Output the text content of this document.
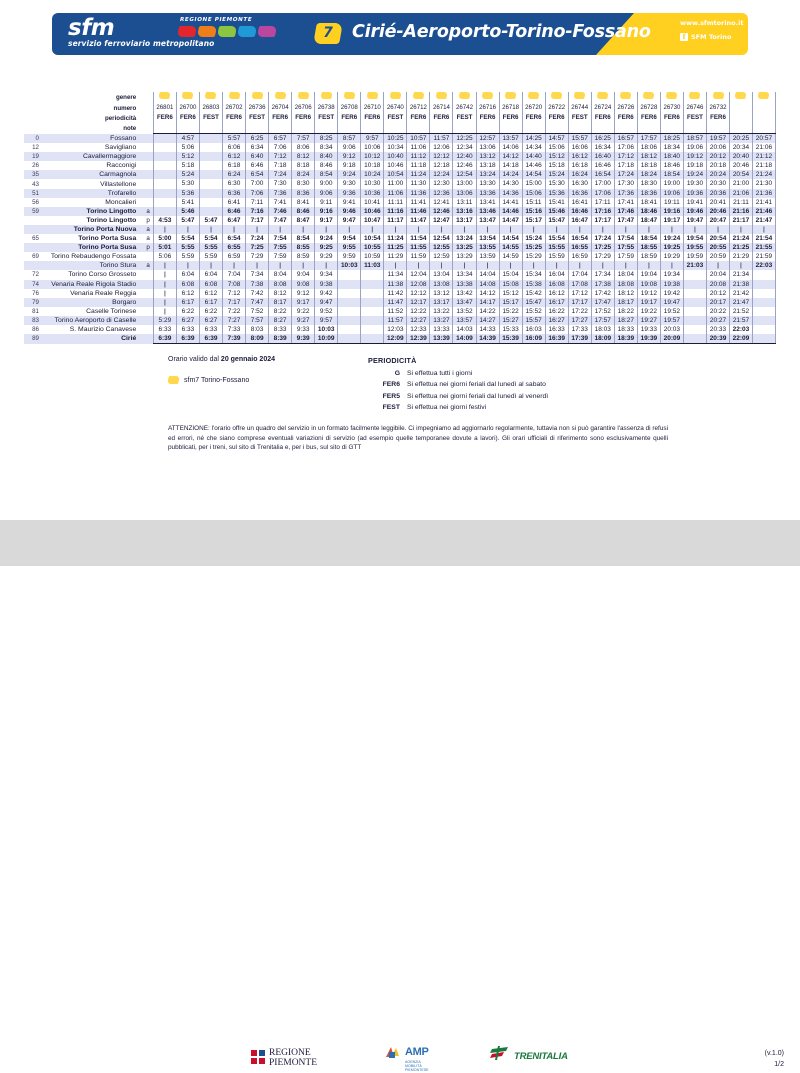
sfm
servizio ferroviario metropolitano
REGIONE PIEMONTE
7	Cirié-Aeroporto-Torino-Fossano	www.sfmtorino.it
f SFM Torino
	genere																												
	numero		26801	26700	26803	26702	26736	26704	26706	26738	26708	26710	26740	26712	26714	26742	26716	26718	26720	26722	26744	26724	26726	26728	26730	26746	26732		
	periodicità		FER6	FER6	FEST	FER6	FEST	FER6	FER6	FEST	FER6	FER6	FEST	FER6	FER6	FEST	FER6	FER6	FER6	FER6	FEST	FER6	FER6	FER6	FER6	FEST	FER6		
	note																												
0	Fossano			4:57		5:57	6:25	6:57	7:57	8:25	8:57	9:57	10:25	10:57	11:57	12:25	12:57	13:57	14:25	14:57	15:57	16:25	16:57	17:57	18:25	18:57	19:57	20:25	20:57
12	Savigliano			5:06		6:06	6:34	7:06	8:06	8:34	9:06	10:06	10:34	11:06	12:06	12:34	13:06	14:06	14:34	15:06	16:06	16:34	17:06	18:06	18:34	19:06	20:06	20:34	21:06
19	Cavallermaggiore			5:12		6:12	6:40	7:12	8:12	8:40	9:12	10:12	10:40	11:12	12:12	12:40	13:12	14:12	14:40	15:12	16:12	16:40	17:12	18:12	18:40	19:12	20:12	20:40	21:12
26	Racconigi			5:18		6:18	6:46	7:18	8:18	8:46	9:18	10:18	10:46	11:18	12:18	12:46	13:18	14:18	14:46	15:18	16:18	16:46	17:18	18:18	18:46	19:18	20:18	20:46	21:18
35	Carmagnola			5:24		6:24	6:54	7:24	8:24	8:54	9:24	10:24	10:54	11:24	12:24	12:54	13:24	14:24	14:54	15:24	16:24	16:54	17:24	18:24	18:54	19:24	20:24	20:54	21:24
43	Villastellone			5:30		6:30	7:00	7:30	8:30	9:00	9:30	10:30	11:00	11:30	12:30	13:00	13:30	14:30	15:00	15:30	16:30	17:00	17:30	18:30	19:00	19:30	20:30	21:00	21:30
51	Trofarello			5:36		6:36	7:06	7:36	8:36	9:06	9:36	10:36	11:06	11:36	12:36	13:06	13:36	14:36	15:06	15:36	16:36	17:06	17:36	18:36	19:06	19:36	20:36	21:06	21:36
56	Moncalieri			5:41		6:41	7:11	7:41	8:41	9:11	9:41	10:41	11:11	11:41	12:41	13:11	13:41	14:41	15:11	15:41	16:41	17:11	17:41	18:41	19:11	19:41	20:41	21:11	21:41
59	Torino Lingotto	a		5:46		6:46	7:16	7:46	8:46	9:16	9:46	10:46	11:16	11:46	12:46	13:16	13:46	14:46	15:16	15:46	16:46	17:16	17:46	18:46	19:16	19:46	20:46	21:16	21:46
	Torino Lingotto	p	4:53	5:47	5:47	6:47	7:17	7:47	8:47	9:17	9:47	10:47	11:17	11:47	12:47	13:17	13:47	14:47	15:17	15:47	16:47	17:17	17:47	18:47	19:17	19:47	20:47	21:17	21:47
	Torino Porta Nuova	a	|	|	|	|	|	|	|	|	|	|	|	|	|	|	|	|	|	|	|	|	|	|	|	|	|	|	|
65	Torino Porta Susa	a	5:00	5:54	5:54	6:54	7:24	7:54	8:54	9:24	9:54	10:54	11:24	11:54	12:54	13:24	13:54	14:54	15:24	15:54	16:54	17:24	17:54	18:54	19:24	19:54	20:54	21:24	21:54
	Torino Porta Susa	p	5:01	5:55	5:55	6:55	7:25	7:55	8:55	9:25	9:55	10:55	11:25	11:55	12:55	13:25	13:55	14:55	15:25	15:55	16:55	17:25	17:55	18:55	19:25	19:55	20:55	21:25	21:55
69	Torino Rebaudengo Fossata		5:06	5:59	5:59	6:59	7:29	7:59	8:59	9:29	9:59	10:59	11:29	11:59	12:59	13:29	13:59	14:59	15:29	15:59	16:59	17:29	17:59	18:59	19:29	19:59	20:59	21:29	21:59
	Torino Stura	a	|	|	|	|	|	|	|	|	10:03	11:03	|	|	|	|	|	|	|	|	|	|	|	|	|	21:03	|	|	22:03
72	Torino Corso Grosseto		|	6:04	6:04	7:04	7:34	8:04	9:04	9:34			11:34	12:04	13:04	13:34	14:04	15:04	15:34	16:04	17:04	17:34	18:04	19:04	19:34		20:04	21:34	
74	Venaria Reale Rigola Stadio		|	6:08	6:08	7:08	7:38	8:08	9:08	9:38			11:38	12:08	13:08	13:38	14:08	15:08	15:38	16:08	17:08	17:38	18:08	19:08	19:38		20:08	21:38	
76	Venaria Reale Reggia		|	6:12	6:12	7:12	7:42	8:12	9:12	9:42			11:42	12:12	13:12	13:42	14:12	15:12	15:42	16:12	17:12	17:42	18:12	19:12	19:42		20:12	21:42	
79	Borgaro		|	6:17	6:17	7:17	7:47	8:17	9:17	9:47			11:47	12:17	13:17	13:47	14:17	15:17	15:47	16:17	17:17	17:47	18:17	19:17	19:47		20:17	21:47	
81	Caselle Torinese		|	6:22	6:22	7:22	7:52	8:22	9:22	9:52			11:52	12:22	13:22	13:52	14:22	15:22	15:52	16:22	17:22	17:52	18:22	19:22	19:52		20:22	21:52	
83	Torino Aeroporto di Caselle		5:29	6:27	6:27	7:27	7:57	8:27	9:27	9:57			11:57	12:27	13:27	13:57	14:27	15:27	15:57	16:27	17:27	17:57	18:27	19:27	19:57		20:27	21:57	
86	S. Maurizio Canavese		6:33	6:33	6:33	7:33	8:03	8:33	9:33	10:03			12:03	12:33	13:33	14:03	14:33	15:33	16:03	16:33	17:33	18:03	18:33	19:33	20:03		20:33	22:03	
89	Cirié		6:39	6:39	6:39	7:39	8:09	8:39	9:39	10:09			12:09	12:39	13:39	14:09	14:39	15:39	16:09	16:39	17:39	18:09	18:39	19:39	20:09		20:39	22:09	
Orario valido dal 20 gennaio 2024
sfm7 Torino-Fossano
PERIODICITÀ
G	Si effettua tutti i giorni
FER6	Si effettua nei giorni feriali dal lunedì al sabato
FER5	Si effettua nei giorni feriali dal lunedì al venerdì
FEST	Si effettua nei giorni festivi
ATTENZIONE: l'orario offre un quadro del servizio in un formato facilmente leggibile. Ci impegniamo ad aggiornarlo regolarmente, tuttavia non si può garantire l'assenza di refusi ed errori, né che siano comprese eventuali variazioni di servizio (ad esempio quelle temporanee dovute a lavori). Gli orari ufficiali di riferimento sono esclusivamente quelli pubblicati, per i treni, sul sito di Trenitalia e, per i bus, sul sito di GTT
REGIONE
PIEMONTE
AMP
AGENZIA
MOBILITÀ
PIEMONTESE
TRENITALIA	(v.1.0)
1/2
